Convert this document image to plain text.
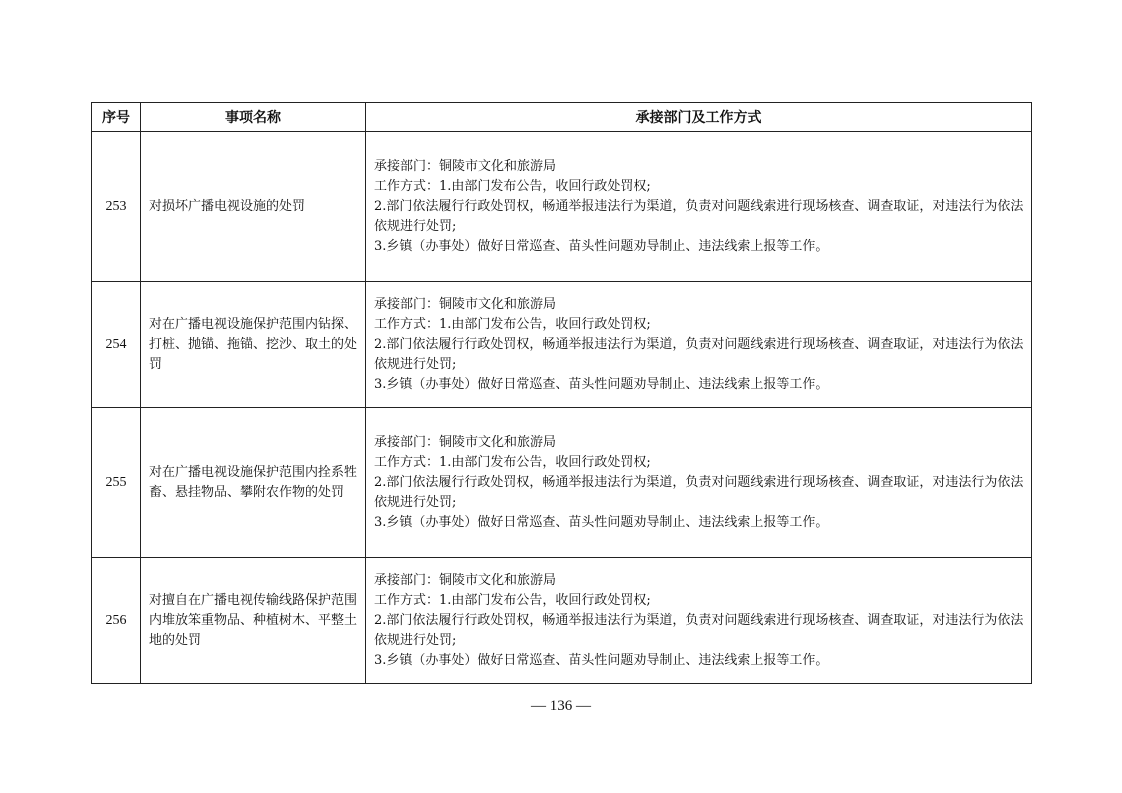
序号	事项名称	承接部门及工作方式
253	对损坏广播电视设施的处罚	承接部门：铜陵市文化和旅游局
工作方式：1.由部门发布公告，收回行政处罚权;
2.部门依法履行行政处罚权，畅通举报违法行为渠道，负责对问题线索进行现场核查、调查取证，对违法行为依法依规进行处罚;
3.乡镇（办事处）做好日常巡查、苗头性问题劝导制止、违法线索上报等工作。

254	对在广播电视设施保护范围内钻探、打桩、抛锚、拖锚、挖沙、取土的处罚	承接部门：铜陵市文化和旅游局
工作方式：1.由部门发布公告，收回行政处罚权;
2.部门依法履行行政处罚权，畅通举报违法行为渠道，负责对问题线索进行现场核查、调查取证，对违法行为依法依规进行处罚;
3.乡镇（办事处）做好日常巡查、苗头性问题劝导制止、违法线索上报等工作。

255	对在广播电视设施保护范围内拴系牲畜、悬挂物品、攀附农作物的处罚	承接部门：铜陵市文化和旅游局
工作方式：1.由部门发布公告，收回行政处罚权;
2.部门依法履行行政处罚权，畅通举报违法行为渠道，负责对问题线索进行现场核查、调查取证，对违法行为依法依规进行处罚;
3.乡镇（办事处）做好日常巡查、苗头性问题劝导制止、违法线索上报等工作。

256	对擅自在广播电视传输线路保护范围内堆放笨重物品、种植树木、平整土地的处罚	承接部门：铜陵市文化和旅游局
工作方式：1.由部门发布公告，收回行政处罚权;
2.部门依法履行行政处罚权，畅通举报违法行为渠道，负责对问题线索进行现场核查、调查取证，对违法行为依法依规进行处罚;
3.乡镇（办事处）做好日常巡查、苗头性问题劝导制止、违法线索上报等工作。
— 136 —
